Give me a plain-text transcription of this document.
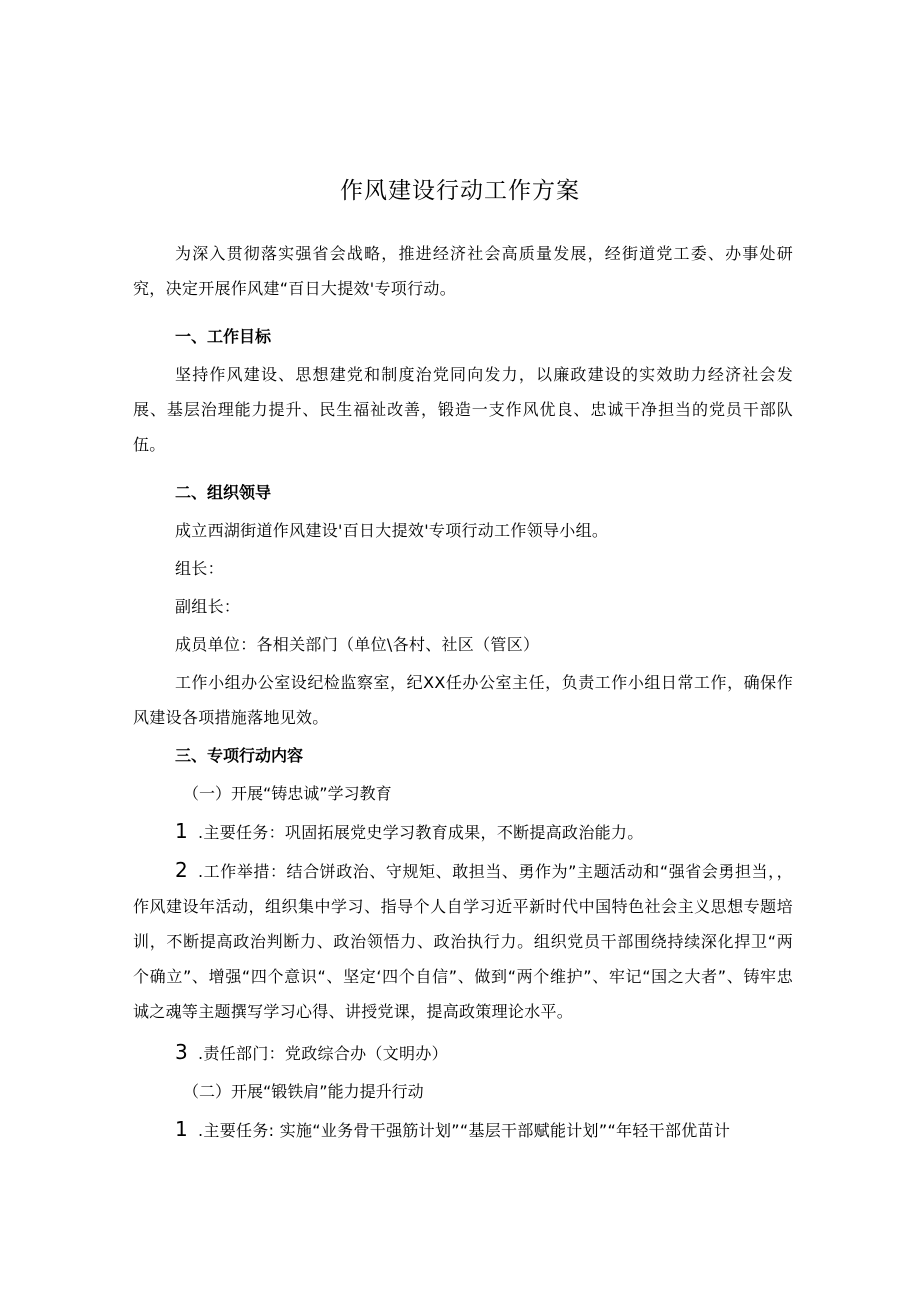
作风建设行动工作方案

为深入贯彻落实强省会战略，推进经济社会高质量发展，经街道党工委、办事处研究，决定开展作风建“百日大提效'专项行动。

一、工作目标

坚持作风建设、思想建党和制度治党同向发力，以廉政建设的实效助力经济社会发展、基层治理能力提升、民生福祉改善，锻造一支作风优良、忠诚干净担当的党员干部队伍。

二、组织领导

成立西湖街道作风建设'百日大提效'专项行动工作领导小组。

组长：

副组长：

成员单位：各相关部门（单位\各村、社区（管区）

工作小组办公室设纪检监察室，纪XX任办公室主任，负责工作小组日常工作，确保作风建设各项措施落地见效。

三、专项行动内容
（一）开展“铸忠诚”学习教育
1 .主要任务：巩固拓展党史学习教育成果，不断提高政治能力。
2 .工作举措：结合饼政治、守规矩、敢担当、勇作为”主题活动和“强省会勇担当，，作风建设年活动，组织集中学习、指导个人自学习近平新时代中国特色社会主义思想专题培训，不断提高政治判断力、政治领悟力、政治执行力。组织党员干部围绕持续深化捍卫“两个确立”、增强“四个意识“、坚定‘四个自信”、做到“两个维护”、牢记“国之大者”、铸牢忠诚之魂等主题撰写学习心得、讲授党课，提高政策理论水平。
3 .责任部门：党政综合办（文明办）
（二）开展“锻铁肩”能力提升行动
1 .主要任务: 实施“业务骨干强筋计划”“基层干部赋能计划”“年轻干部优苗计
